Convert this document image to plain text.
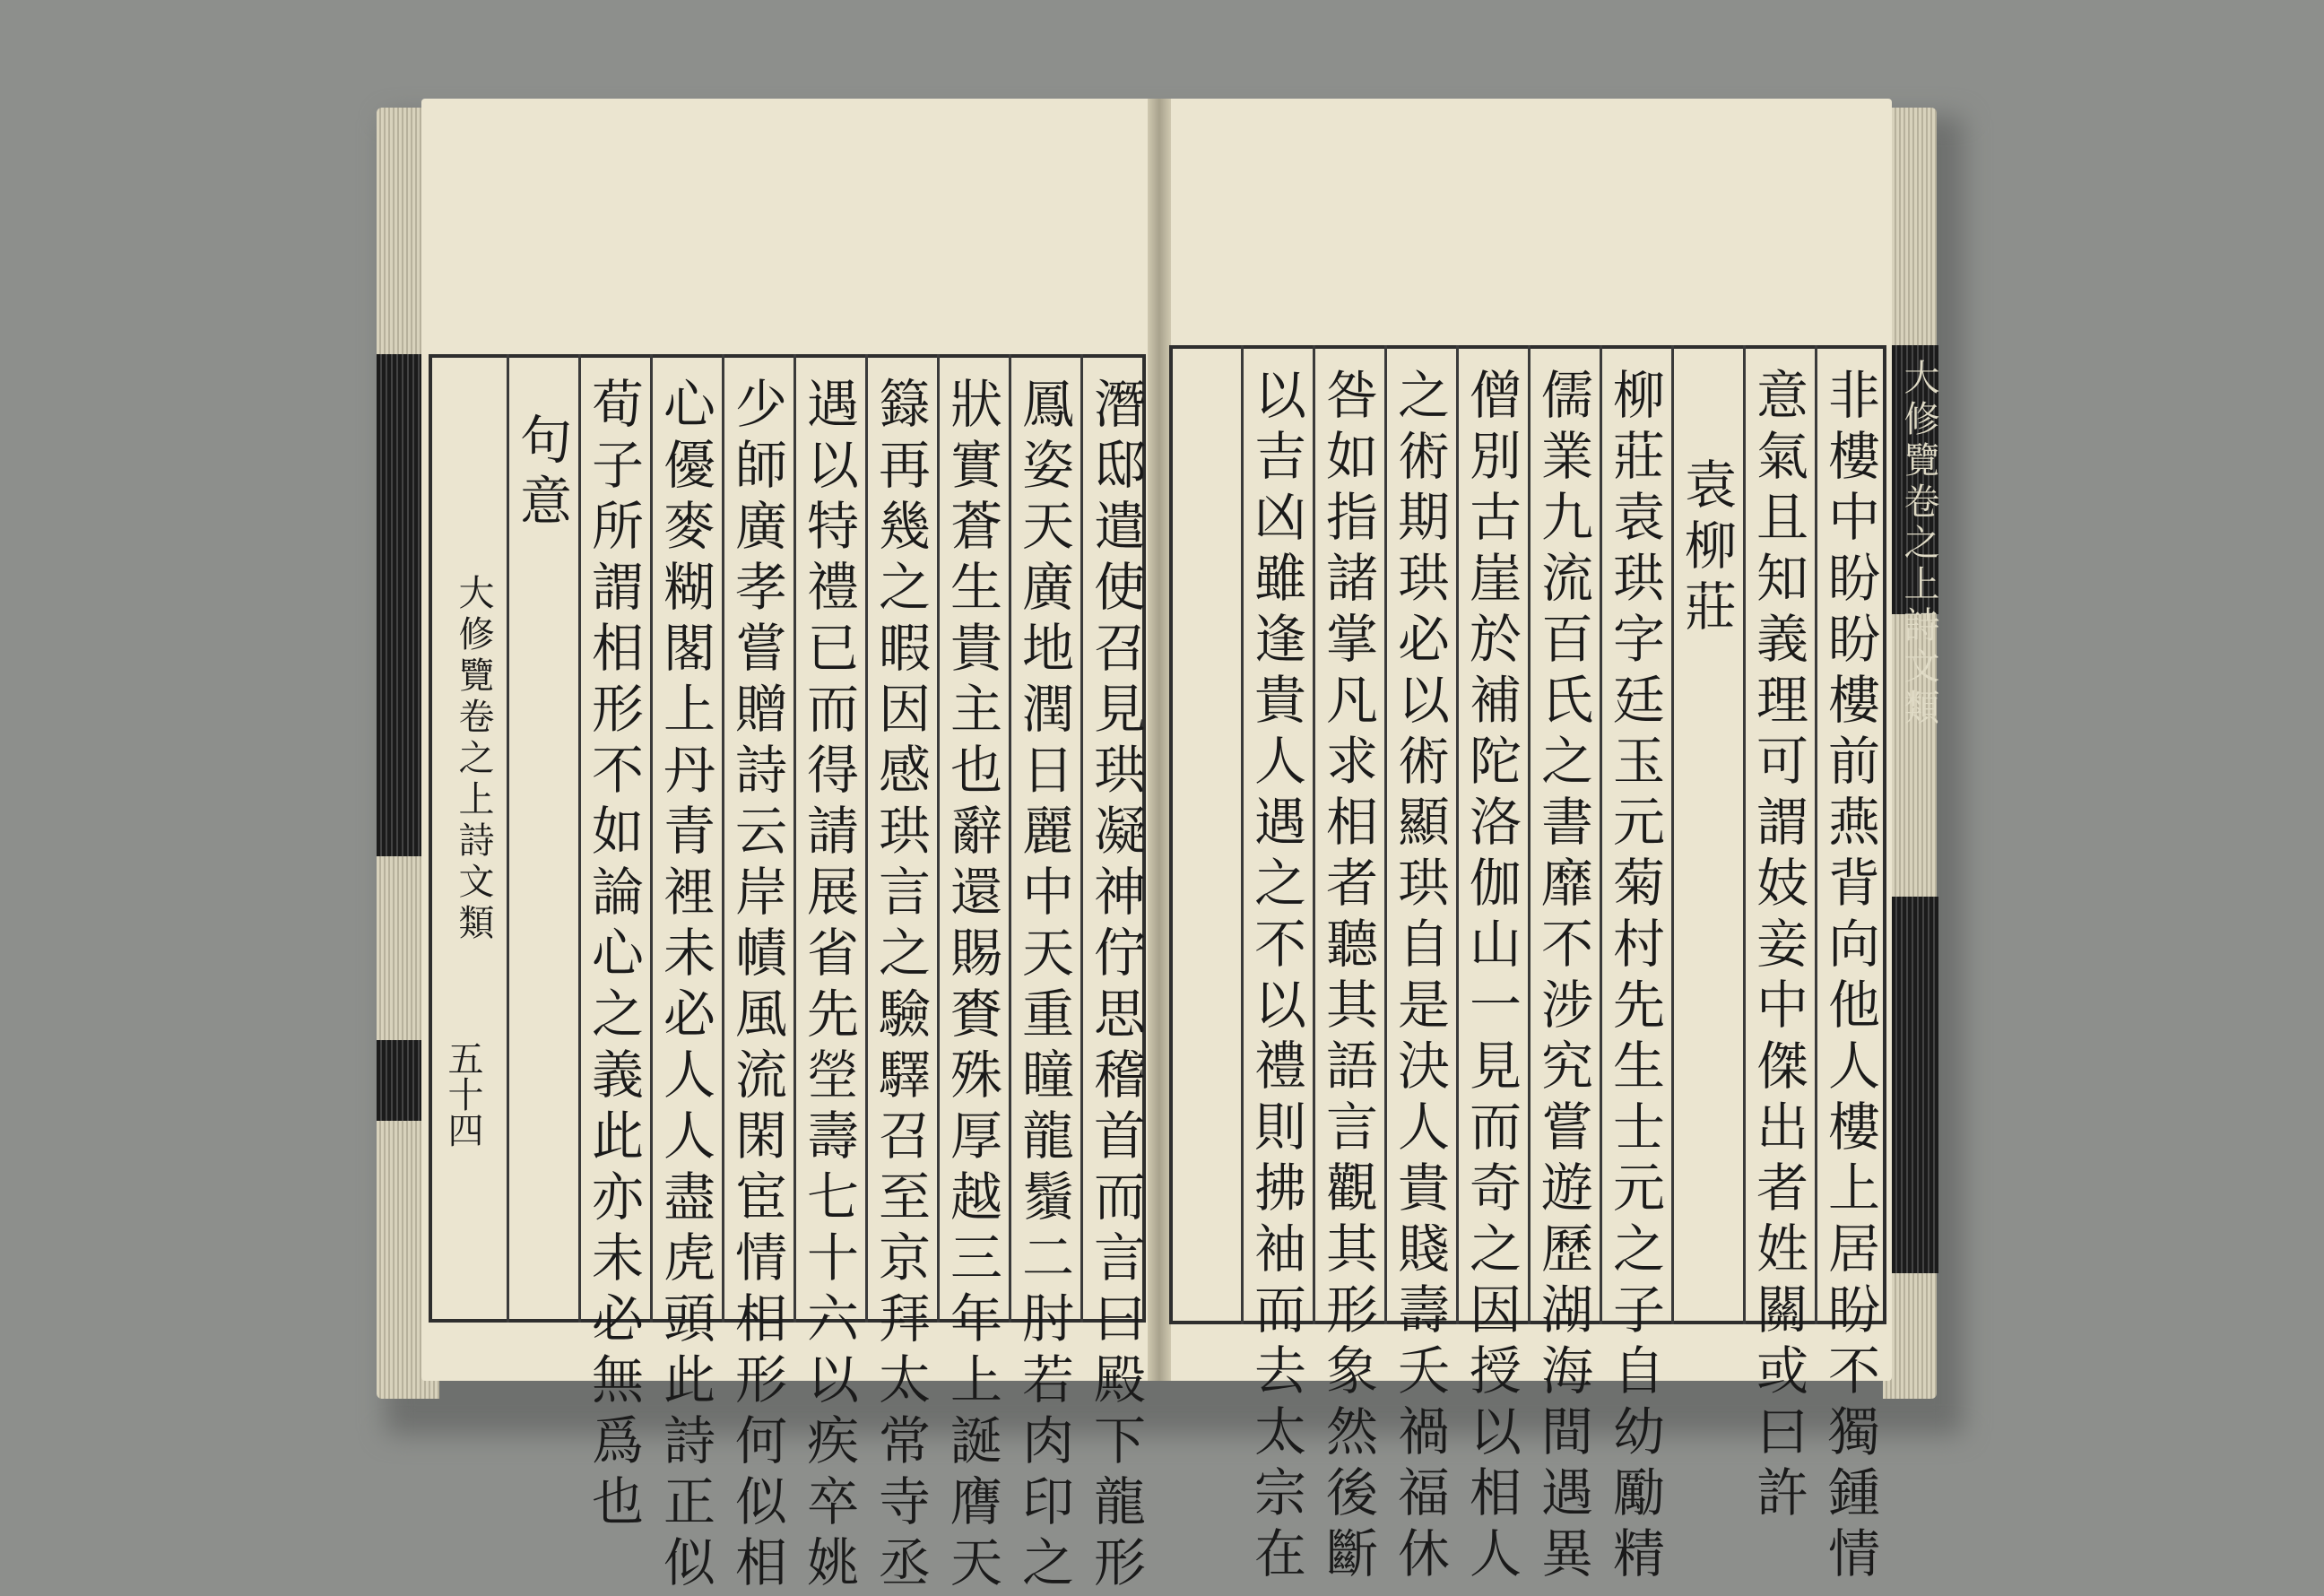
潛邸遣使召見珙凝神佇思稽首而言曰殿下龍形
鳳姿天廣地潤日麗中天重瞳龍鬚二肘若肉印之
狀實蒼生貴主也辭還賜賚殊厚越三年上誕膺天
籙再幾之暇因感珙言之驗驛召至京拜太常寺丞
遇以特禮已而得請展省先塋壽七十六以疾卒姚
少師廣孝嘗贈詩云岸幘風流閑宦情相形何似相
心優麥糊閣上丹青裡未必人人盡虎頭此詩正似
荀子所謂相形不如論心之義此亦未必無爲也
句意
大修覽卷之上詩文類
五十四	非樓中盼盼樓前燕背向他人樓上居盼不獨鍾情
意氣且知義理可謂妓妾中傑出者姓關或曰許
袁柳莊
柳莊袁珙字廷玉元菊村先生士元之子自幼勵精
儒業九流百氏之書靡不涉究嘗遊歷湖海間遇異
僧別古崖於補陀洛伽山一見而奇之因授以相人
之術期珙必以術顯珙自是決人貴賤壽夭禍福休
咎如指諸掌凡求相者聽其語言觀其形象然後斷
以吉凶雖逢貴人遇之不以禮則拂袖而去太宗在	大修覽卷之上詩文類
